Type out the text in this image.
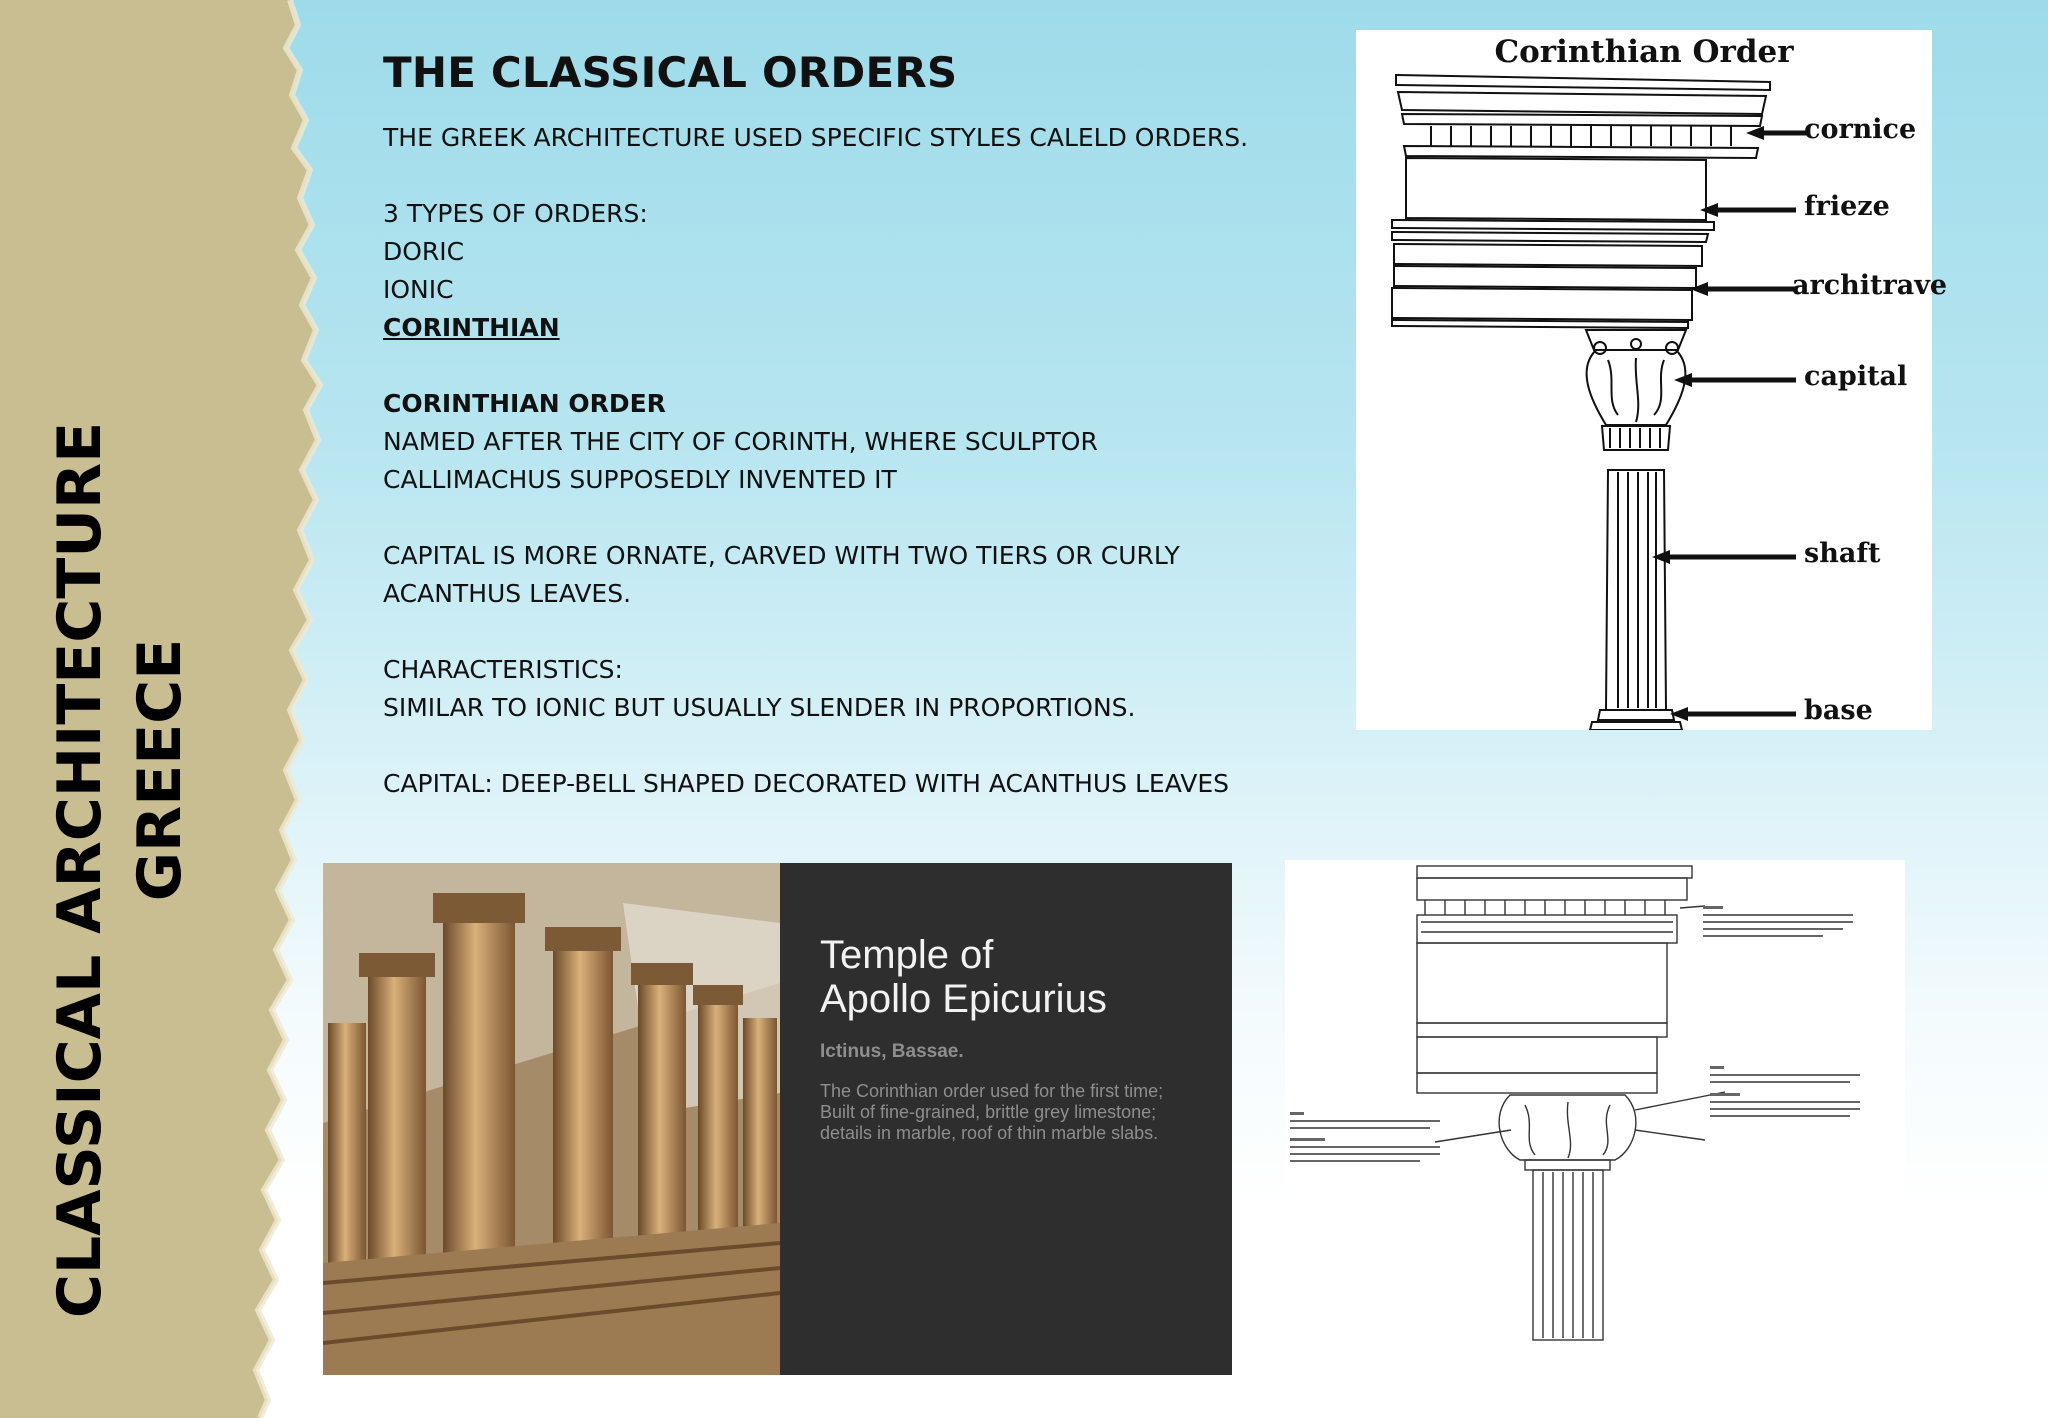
CLASSICAL ARCHITECTURE GREECE
THE CLASSICAL ORDERS

THE GREEK ARCHITECTURE USED SPECIFIC STYLES CALELD ORDERS.

3 TYPES OF ORDERS:

DORIC

IONIC

CORINTHIAN

CORINTHIAN ORDER

NAMED AFTER THE CITY OF CORINTH, WHERE SCULPTOR

CALLIMACHUS SUPPOSEDLY INVENTED IT

CAPITAL IS MORE ORNATE, CARVED WITH TWO TIERS OR CURLY

ACANTHUS LEAVES.

CHARACTERISTICS:

SIMILAR TO IONIC BUT USUALLY SLENDER IN PROPORTIONS.

CAPITAL: DEEP-BELL SHAPED DECORATED WITH ACANTHUS LEAVES

Corinthian Order
cornice
frieze
architrave
capital
shaft
base
Temple of
Apollo Epicurius
Ictinus, Bassae.
The Corinthian order used for the first time; Built of fine-grained, brittle grey limestone; details in marble, roof of thin marble slabs.
